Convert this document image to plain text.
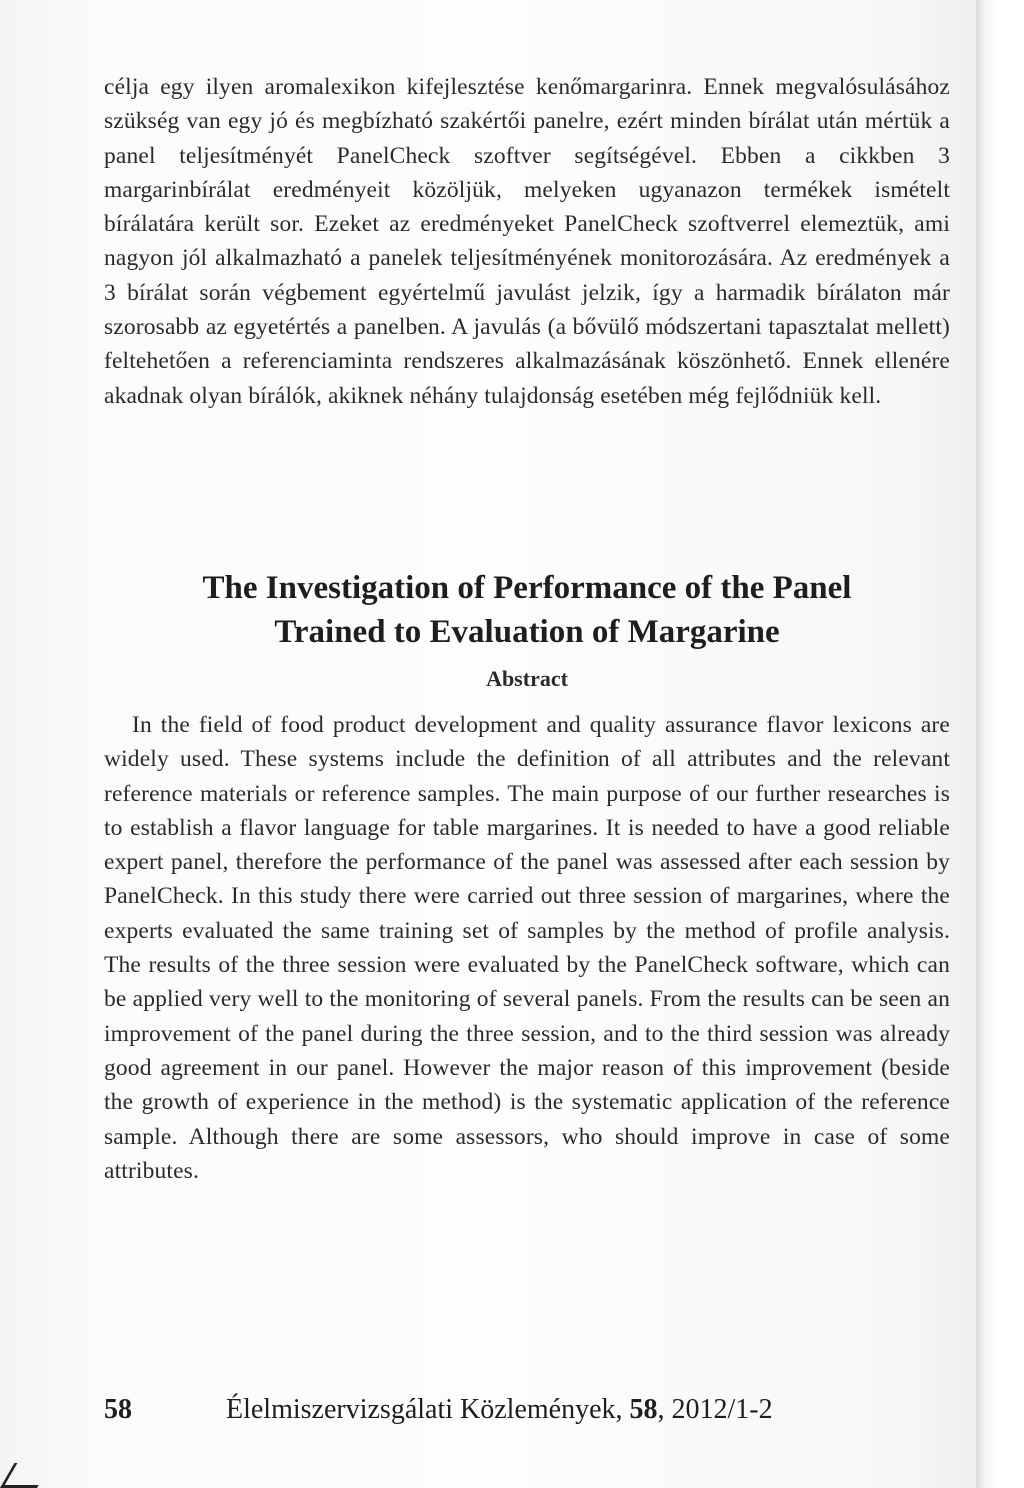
célja egy ilyen aromalexikon kifejlesztése kenőmargarinra. Ennek megvalósulásához szükség van egy jó és megbízható szakértői panelre, ezért minden bírálat után mértük a panel teljesítményét PanelCheck szoftver segítségével. Ebben a cikkben 3 margarinbírálat eredményeit közöljük, melyeken ugyanazon termékek ismételt bírálatára került sor. Ezeket az eredményeket PanelCheck szoftverrel elemeztük, ami nagyon jól alkalmazható a panelek teljesítményének monitorozására. Az eredmények a 3 bírálat során végbement egyértelmű javulást jelzik, így a harmadik bírálaton már szorosabb az egyetértés a panelben. A javulás (a bővülő módszertani tapasztalat mellett) feltehetően a referenciaminta rendszeres alkalmazásának köszönhető. Ennek ellenére akadnak olyan bírálók, akiknek néhány tulajdonság esetében még fejlődniük kell.

The Investigation of Performance of the Panel
Trained to Evaluation of Margarine
Abstract

In the field of food product development and quality assurance flavor lexicons are widely used. These systems include the definition of all attributes and the relevant reference materials or reference samples. The main purpose of our further researches is to establish a flavor language for table margarines. It is needed to have a good reliable expert panel, therefore the performance of the panel was assessed after each session by PanelCheck. In this study there were carried out three session of margarines, where the experts evaluated the same training set of samples by the method of profile analysis. The results of the three session were evaluated by the PanelCheck software, which can be applied very well to the monitoring of several panels. From the results can be seen an improvement of the panel during the three session, and to the third session was already good agreement in our panel. However the major reason of this improvement (beside the growth of experience in the method) is the systematic application of the reference sample. Although there are some assessors, who should improve in case of some attributes.

58	Élelmiszervizsgálati Közlemények, 58, 2012/1-2
